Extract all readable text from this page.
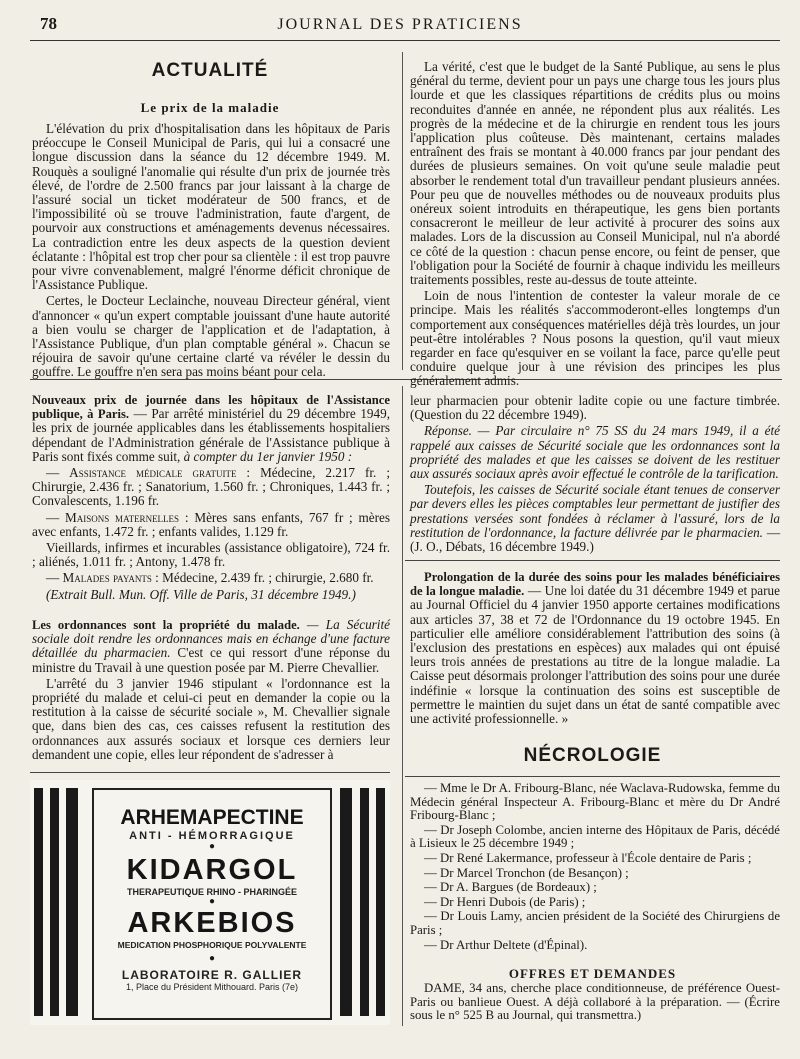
78	JOURNAL DES PRATICIENS
ACTUALITÉ
Le prix de la maladie

L'élévation du prix d'hospitalisation dans les hôpitaux de Paris préoccupe le Conseil Municipal de Paris, qui lui a consacré une longue discussion dans la séance du 12 décembre 1949. M. Rouquès a souligné l'anomalie qui résulte d'un prix de journée très élevé, de l'ordre de 2.500 francs par jour laissant à la charge de l'assuré social un ticket modérateur de 500 francs, et de l'impossibilité où se trouve l'administration, faute d'argent, de pourvoir aux constructions et aménagements devenus nécessaires. La contradiction entre les deux aspects de la question devient éclatante : l'hôpital est trop cher pour sa clientèle : il est trop pauvre pour vivre convenablement, malgré l'énorme déficit chronique de l'Assistance Publique.

Certes, le Docteur Leclainche, nouveau Directeur général, vient d'annoncer « qu'un expert comptable jouissant d'une haute autorité a bien voulu se charger de l'application et de l'adaptation, à l'Assistance Publique, d'un plan comptable général ». Chacun se réjouira de savoir qu'une certaine clarté va révéler le dessin du gouffre. Le gouffre n'en sera pas moins béant pour cela.

La vérité, c'est que le budget de la Santé Publique, au sens le plus général du terme, devient pour un pays une charge tous les jours plus lourde et que les classiques répartitions de crédits plus ou moins reconduites d'année en année, ne répondent plus aux réalités. Les progrès de la médecine et de la chirurgie en rendent tous les jours l'application plus coûteuse. Dès maintenant, certains malades entraînent des frais se montant à 40.000 francs par jour pendant des durées de plusieurs semaines. On voit qu'une seule maladie peut absorber le rendement total d'un travailleur pendant plusieurs années. Pour peu que de nouvelles méthodes ou de nouveaux produits plus onéreux soient introduits en thérapeutique, les gens bien portants consacreront le meilleur de leur activité à procurer des soins aux malades. Lors de la discussion au Conseil Municipal, nul n'a abordé ce côté de la question : chacun pense encore, ou feint de penser, que l'obligation pour la Société de fournir à chaque individu les meilleurs traitements possibles, reste au-dessus de toute atteinte.

Loin de nous l'intention de contester la valeur morale de ce principe. Mais les réalités s'accommoderont-elles longtemps d'un comportement aux conséquences matérielles déjà très lourdes, un jour peut-être intolérables ? Nous posons la question, qu'il vaut mieux regarder en face qu'esquiver en se voilant la face, parce qu'elle peut conduire quelque jour à une révision des principes les plus généralement admis.

Nouveaux prix de journée dans les hôpitaux de l'Assistance publique, à Paris. — Par arrêté ministériel du 29 décembre 1949, les prix de journée applicables dans les établissements hospitaliers dépendant de l'Administration générale de l'Assistance publique à Paris sont fixés comme suit, à compter du 1er janvier 1950 :

— Assistance médicale gratuite : Médecine, 2.217 fr. ; Chirurgie, 2.436 fr. ; Sanatorium, 1.560 fr. ; Chroniques, 1.443 fr. ; Convalescents, 1.196 fr.

— Maisons maternelles : Mères sans enfants, 767 fr ; mères avec enfants, 1.472 fr. ; enfants valides, 1.129 fr.

Vieillards, infirmes et incurables (assistance obligatoire), 724 fr. ; aliénés, 1.011 fr. ; Antony, 1.478 fr.

— Malades payants : Médecine, 2.439 fr. ; chirurgie, 2.680 fr.

(Extrait Bull. Mun. Off. Ville de Paris, 31 décembre 1949.)

Les ordonnances sont la propriété du malade. — La Sécurité sociale doit rendre les ordonnances mais en échange d'une facture détaillée du pharmacien. C'est ce qui ressort d'une réponse du ministre du Travail à une question posée par M. Pierre Chevallier.

L'arrêté du 3 janvier 1946 stipulant « l'ordonnance est la propriété du malade et celui-ci peut en demander la copie ou la restitution à la caisse de sécurité sociale », M. Chevallier signale que, dans bien des cas, ces caisses refusent la restitution des ordonnances aux assurés sociaux et lorsque ces derniers leur demandent une copie, elles leur répondent de s'adresser à

leur pharmacien pour obtenir ladite copie ou une facture timbrée. (Question du 22 décembre 1949).

Réponse. — Par circulaire n° 75 SS du 24 mars 1949, il a été rappelé aux caisses de Sécurité sociale que les ordonnances sont la propriété des malades et que les caisses se doivent de les restituer aux assurés sociaux après avoir effectué le contrôle de la tarification.

Toutefois, les caisses de Sécurité sociale étant tenues de conserver par devers elles les pièces comptables leur permettant de justifier des prestations versées sont fondées à réclamer à l'assuré, lors de la restitution de l'ordonnance, la facture délivrée par le pharmacien. — (J. O., Débats, 16 décembre 1949.)

Prolongation de la durée des soins pour les malades bénéficiaires de la longue maladie. — Une loi datée du 31 décembre 1949 et parue au Journal Officiel du 4 janvier 1950 apporte certaines modifications aux articles 37, 38 et 72 de l'Ordonnance du 19 octobre 1945. En particulier elle améliore considérablement l'attribution des soins (à l'exclusion des prestations en espèces) aux malades qui ont épuisé leurs trois années de prestations au titre de la longue maladie. La Caisse peut désormais prolonger l'attribution des soins pour une durée indéfinie « lorsque la continuation des soins est susceptible de permettre le maintien du sujet dans un état de santé compatible avec une activité professionnelle. »

NÉCROLOGIE

— Mme le Dr A. Fribourg-Blanc, née Waclava-Rudowska, femme du Médecin général Inspecteur A. Fribourg-Blanc et mère du Dr André Fribourg-Blanc ;

— Dr Joseph Colombe, ancien interne des Hôpitaux de Paris, décédé à Lisieux le 25 décembre 1949 ;

— Dr René Lakermance, professeur à l'École dentaire de Paris ;

— Dr Marcel Tronchon (de Besançon) ;

— Dr A. Bargues (de Bordeaux) ;

— Dr Henri Dubois (de Paris) ;

— Dr Louis Lamy, ancien président de la Société des Chirurgiens de Paris ;

— Dr Arthur Deltete (d'Épinal).

OFFRES ET DEMANDES

DAME, 34 ans, cherche place conditionneuse, de préférence Ouest-Paris ou banlieue Ouest. A déjà collaboré à la préparation. — (Écrire sous le n° 525 B au Journal, qui transmettra.)

ARHEMAPECTINE
ANTI - HÉMORRAGIQUE
●
KIDARGOL
THERAPEUTIQUE RHINO - PHARINGÉE
●
ARKEBIOS
MEDICATION PHOSPHORIQUE POLYVALENTE
●
LABORATOIRE R. GALLIER
1, Place du Président Mithouard. Paris (7e)
